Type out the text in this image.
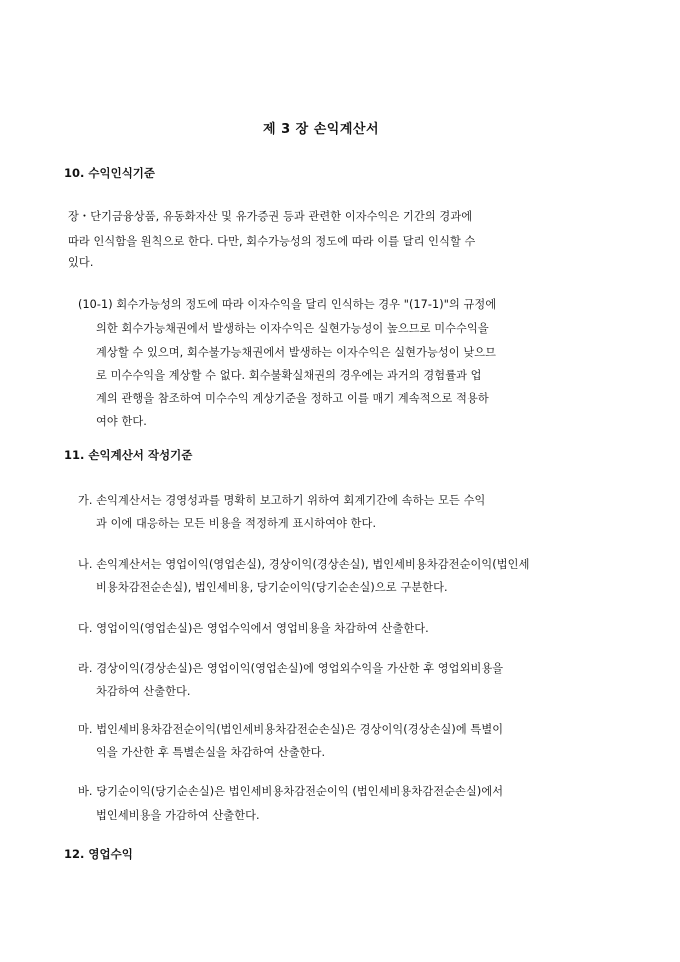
제 3 장 손익계산서
10. 수익인식기준
장・단기금융상품, 유동화자산 및 유가증권 등과 관련한 이자수익은 기간의 경과에
따라 인식함을 원칙으로 한다. 다만, 회수가능성의 정도에 따라 이를 달리 인식할 수
있다.
(10-1) 회수가능성의 정도에 따라 이자수익을 달리 인식하는 경우 "(17-1)"의 규정에
의한 회수가능채권에서 발생하는 이자수익은 실현가능성이 높으므로 미수수익을
계상할 수 있으며, 회수불가능채권에서 발생하는 이자수익은 실현가능성이 낮으므
로 미수수익을 계상할 수 없다. 회수불확실채권의 경우에는 과거의 경험률과 업
계의 관행을 참조하여 미수수익 계상기준을 정하고 이를 매기 계속적으로 적용하
여야 한다.
11. 손익계산서 작성기준
가. 손익계산서는 경영성과를 명확히 보고하기 위하여 회계기간에 속하는 모든 수익
과 이에 대응하는 모든 비용을 적정하게 표시하여야 한다.
나. 손익계산서는 영업이익(영업손실), 경상이익(경상손실), 법인세비용차감전순이익(법인세
비용차감전순손실), 법인세비용, 당기순이익(당기순손실)으로 구분한다.
다. 영업이익(영업손실)은 영업수익에서 영업비용을 차감하여 산출한다.
라. 경상이익(경상손실)은 영업이익(영업손실)에 영업외수익을 가산한 후 영업외비용을
차감하여 산출한다.
마. 법인세비용차감전순이익(법인세비용차감전순손실)은 경상이익(경상손실)에 특별이
익을 가산한 후 특별손실을 차감하여 산출한다.
바. 당기순이익(당기순손실)은 법인세비용차감전순이익 (법인세비용차감전순손실)에서
법인세비용을 가감하여 산출한다.
12. 영업수익
